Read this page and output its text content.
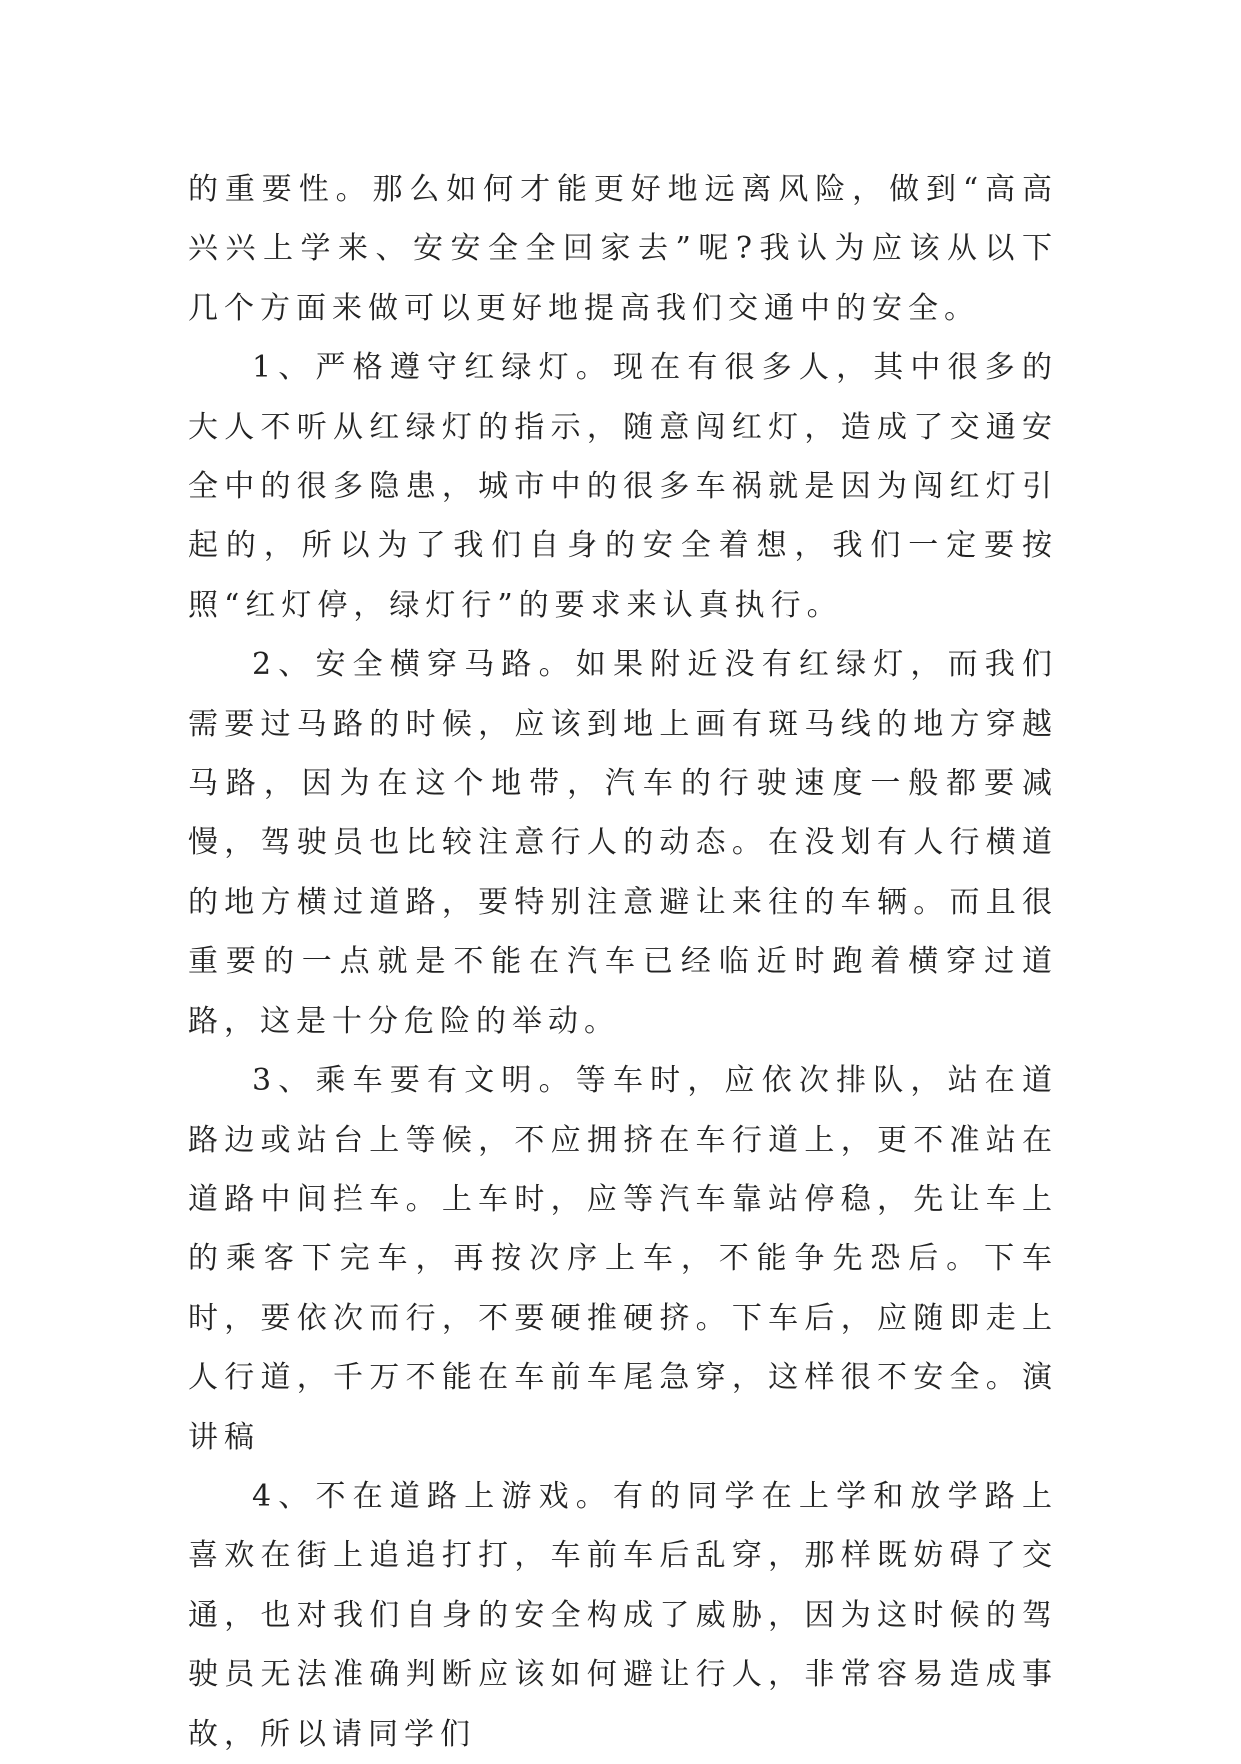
的重要性。那么如何才能更好地远离风险，做到“高高兴兴上学来、安安全全回家去”呢?我认为应该从以下几个方面来做可以更好地提高我们交通中的安全。

1、严格遵守红绿灯。现在有很多人，其中很多的大人不听从红绿灯的指示，随意闯红灯，造成了交通安全中的很多隐患，城市中的很多车祸就是因为闯红灯引起的，所以为了我们自身的安全着想，我们一定要按照“红灯停，绿灯行”的要求来认真执行。

2、安全横穿马路。如果附近没有红绿灯，而我们需要过马路的时候，应该到地上画有斑马线的地方穿越马路，因为在这个地带，汽车的行驶速度一般都要减慢，驾驶员也比较注意行人的动态。在没划有人行横道的地方横过道路，要特别注意避让来往的车辆。而且很重要的一点就是不能在汽车已经临近时跑着横穿过道路，这是十分危险的举动。

3、乘车要有文明。等车时，应依次排队，站在道路边或站台上等候，不应拥挤在车行道上，更不准站在道路中间拦车。上车时，应等汽车靠站停稳，先让车上的乘客下完车，再按次序上车，不能争先恐后。下车时，要依次而行，不要硬推硬挤。下车后，应随即走上人行道，千万不能在车前车尾急穿，这样很不安全。演讲稿

4、不在道路上游戏。有的同学在上学和放学路上喜欢在街上追追打打，车前车后乱穿，那样既妨碍了交通，也对我们自身的安全构成了威胁，因为这时候的驾驶员无法准确判断应该如何避让行人，非常容易造成事故，所以请同学们
